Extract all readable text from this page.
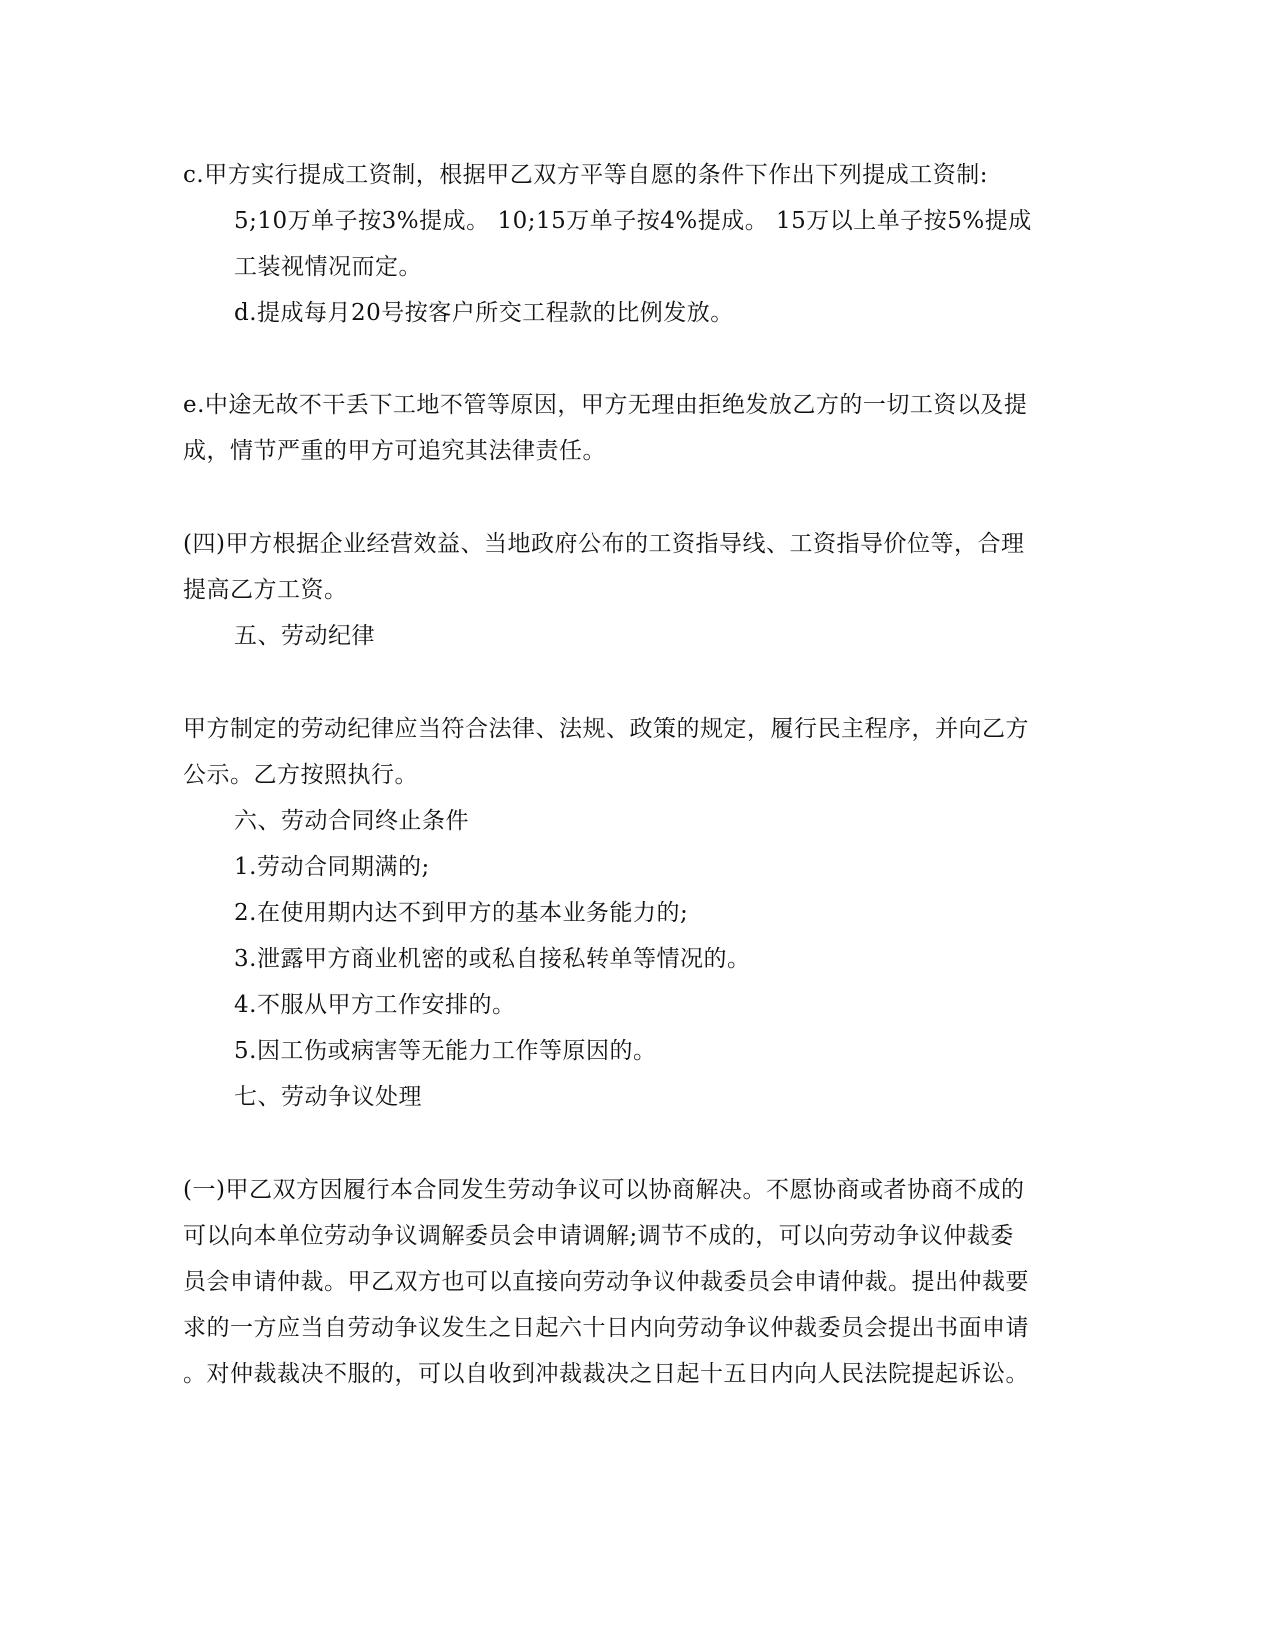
c.甲方实行提成工资制，根据甲乙双方平等自愿的条件下作出下列提成工资制:
5;10万单子按3%提成。 10;15万单子按4%提成。 15万以上单子按5%提成
工装视情况而定。
d.提成每月20号按客户所交工程款的比例发放。
e.中途无故不干丢下工地不管等原因，甲方无理由拒绝发放乙方的一切工资以及提
成，情节严重的甲方可追究其法律责任。
(四)甲方根据企业经营效益、当地政府公布的工资指导线、工资指导价位等，合理
提高乙方工资。
五、劳动纪律
甲方制定的劳动纪律应当符合法律、法规、政策的规定，履行民主程序，并向乙方
公示。乙方按照执行。
六、劳动合同终止条件
1.劳动合同期满的;
2.在使用期内达不到甲方的基本业务能力的;
3.泄露甲方商业机密的或私自接私转单等情况的。
4.不服从甲方工作安排的。
5.因工伤或病害等无能力工作等原因的。
七、劳动争议处理
(一)甲乙双方因履行本合同发生劳动争议可以协商解决。不愿协商或者协商不成的
可以向本单位劳动争议调解委员会申请调解;调节不成的，可以向劳动争议仲裁委
员会申请仲裁。甲乙双方也可以直接向劳动争议仲裁委员会申请仲裁。提出仲裁要
求的一方应当自劳动争议发生之日起六十日内向劳动争议仲裁委员会提出书面申请
。对仲裁裁决不服的，可以自收到冲裁裁决之日起十五日内向人民法院提起诉讼。
